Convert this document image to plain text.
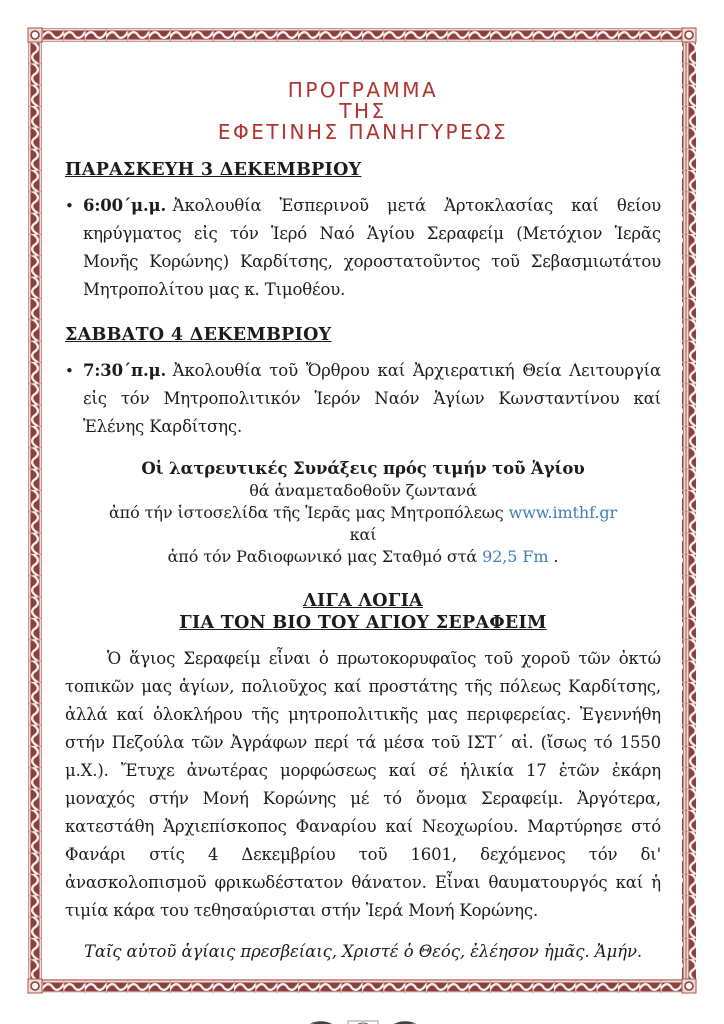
ΠΡΟΓΡΑΜΜΑ
ΤΗΣ
ΕΦΕΤΙΝΗΣ ΠΑΝΗΓΥΡΕΩΣ
ΠΑΡΑΣΚΕΥΗ 3 ΔΕΚΕΜΒΡΙΟΥ
• 6:00΄μ.μ. Ἀκολουθία Ἑσπερινοῦ μετά Ἀρτοκλασίας καί θείου κηρύγματος εἰς τόν Ἱερό Ναό Ἁγίου Σεραφείμ (Μετόχιον Ἱερᾶς Μονῆς Κορώνης) Καρδίτσης, χοροστατοῦντος τοῦ Σεβασμιωτάτου Μητροπολίτου μας κ. Τιμοθέου.
ΣΑΒΒΑΤΟ 4 ΔΕΚΕΜΒΡΙΟΥ
• 7:30΄π.μ. Ἀκολουθία τοῦ Ὄρθρου καί Ἀρχιερατική Θεία Λειτουργία εἰς τόν Μητροπολιτικόν Ἱερόν Ναόν Ἁγίων Κωνσταντίνου καί Ἑλένης Καρδίτσης.
Οἱ λατρευτικές Συνάξεις πρός τιμήν τοῦ Ἁγίου
θά ἀναμεταδοθοῦν ζωντανά
ἀπό τήν ἱστοσελίδα τῆς Ἱερᾶς μας Μητροπόλεως www.imthf.gr
καί
ἀπό τόν Ραδιοφωνικό μας Σταθμό στά 92,5 Fm .
ΛΙΓΑ ΛΟΓΙΑ
ΓΙΑ ΤΟΝ ΒΙΟ ΤΟΥ ΑΓΙΟΥ ΣΕΡΑΦΕΙΜ

Ὁ ἅγιος Σεραφείμ εἶναι ὁ πρωτοκορυφαῖος τοῦ χοροῦ τῶν ὀκτώ τοπικῶν μας ἁγίων, πολιοῦχος καί προστάτης τῆς πόλεως Καρδίτσης, ἀλλά καί ὁλοκλήρου τῆς μητροπολιτικῆς μας περιφερείας. Ἐγεννήθη στήν Πεζούλα τῶν Ἀγράφων περί τά μέσα τοῦ ΙΣΤ΄ αἰ. (ἴσως τό 1550 μ.Χ.). Ἔτυχε ἀνωτέρας μορφώσεως καί σέ ἡλικία 17 ἐτῶν ἐκάρη μοναχός στήν Μονή Κορώνης μέ τό ὄνομα Σεραφείμ. Ἀργότερα, κατεστάθη Ἀρχιεπίσκοπος Φαναρίου καί Νεοχωρίου. Μαρτύρησε στό Φανάρι στίς 4 Δεκεμβρίου τοῦ 1601, δεχόμενος τόν δι' ἀνασκολοπισμοῦ φρικωδέστατον θάνατον. Εἶναι θαυματουργός καί ἡ τιμία κάρα του τεθησαύρισται στήν Ἱερά Μονή Κορώνης.

Ταῖς αὐτοῦ ἁγίαις πρεσβείαις, Χριστέ ὁ Θεός, ἐλέησον ἡμᾶς. Ἀμήν.
